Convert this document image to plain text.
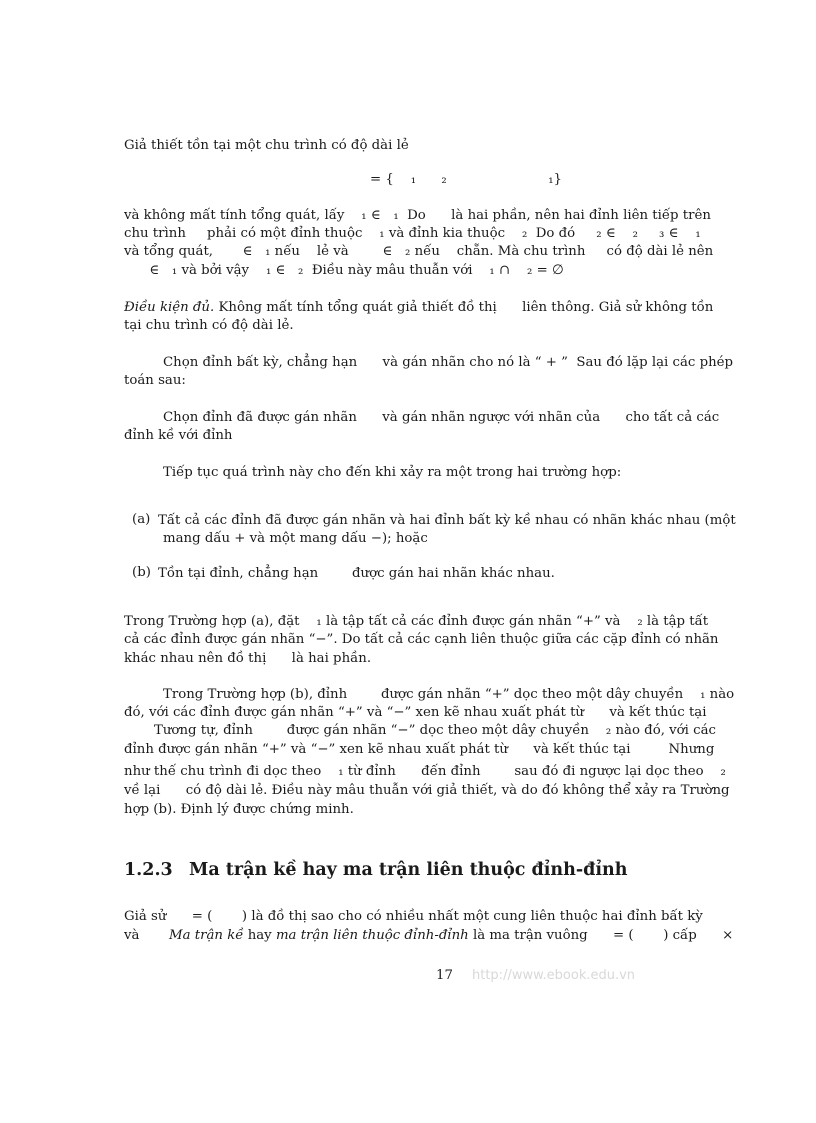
Giả thiết tồn tại một chu trình có độ dài lẻ
= {    ₁      ₂                        ₁}
và không mất tính tổng quát, lấy    ₁ ∈   ₁  Do      là hai phần, nên hai đỉnh liên tiếp trên
chu trình     phải có một đỉnh thuộc    ₁ và đỉnh kia thuộc    ₂  Do đó     ₂ ∈    ₂     ₃ ∈    ₁
và tổng quát,       ∈   ₁ nếu    lẻ và        ∈   ₂ nếu    chẵn. Mà chu trình     có độ dài lẻ nên
∈   ₁ và bởi vậy    ₁ ∈   ₂  Điều này mâu thuẫn với    ₁ ∩    ₂ = ∅
Điều kiện đủ. Không mất tính tổng quát giả thiết đồ thị      liên thông. Giả sử không tồn
tại chu trình có độ dài lẻ.
Chọn đỉnh bất kỳ, chẳng hạn      và gán nhãn cho nó là “ + ”  Sau đó lặp lại các phép
toán sau:
Chọn đỉnh đã được gán nhãn      và gán nhãn ngược với nhãn của      cho tất cả các
đỉnh kề với đỉnh
Tiếp tục quá trình này cho đến khi xảy ra một trong hai trường hợp:
(a) Tất cả các đỉnh đã được gán nhãn và hai đỉnh bất kỳ kề nhau có nhãn khác nhau (một
mang dấu + và một mang dấu −); hoặc
(b) Tồn tại đỉnh, chẳng hạn        được gán hai nhãn khác nhau.
Trong Trường hợp (a), đặt    ₁ là tập tất cả các đỉnh được gán nhãn “+” và    ₂ là tập tất
cả các đỉnh được gán nhãn “−”. Do tất cả các cạnh liên thuộc giữa các cặp đỉnh có nhãn
khác nhau nên đồ thị      là hai phần.
Trong Trường hợp (b), đỉnh        được gán nhãn “+” dọc theo một dây chuyền    ₁ nào
đó, với các đỉnh được gán nhãn “+” và “−” xen kẽ nhau xuất phát từ      và kết thúc tại
Tương tự, đỉnh        được gán nhãn “−” dọc theo một dây chuyền    ₂ nào đó, với các
đỉnh được gán nhãn “+” và “−” xen kẽ nhau xuất phát từ      và kết thúc tại         Nhưng
như thế chu trình đi dọc theo    ₁ từ đỉnh      đến đỉnh        sau đó đi ngược lại dọc theo    ₂
về lại      có độ dài lẻ. Điều này mâu thuẫn với giả thiết, và do đó không thể xảy ra Trường
hợp (b). Định lý được chứng minh.
1.2.3 Ma trận kề hay ma trận liên thuộc đỉnh-đỉnh
Giả sử      = (       ) là đồ thị sao cho có nhiều nhất một cung liên thuộc hai đỉnh bất kỳ
và       Ma trận kề hay ma trận liên thuộc đỉnh-đỉnh là ma trận vuông      = (       ) cấp      ×
17 http://www.ebook.edu.vn
